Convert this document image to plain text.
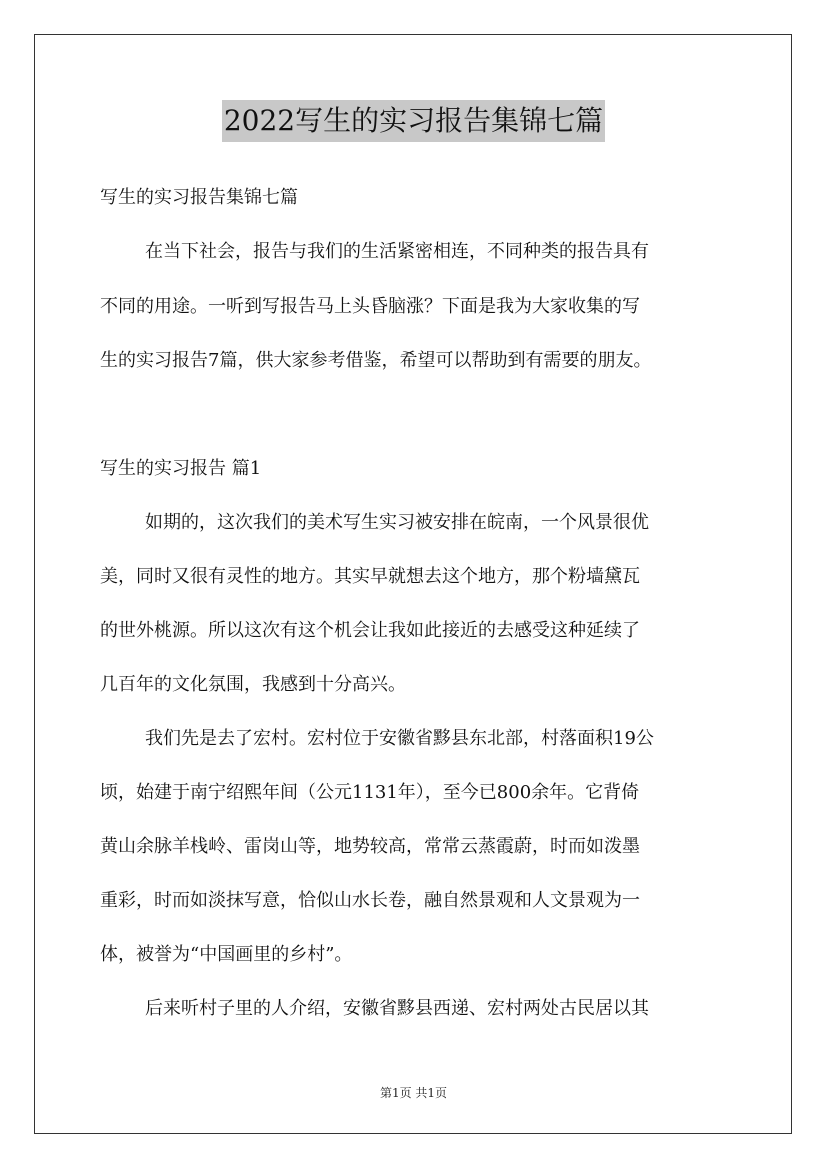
2022写生的实习报告集锦七篇
写生的实习报告集锦七篇
在当下社会，报告与我们的生活紧密相连，不同种类的报告具有
不同的用途。一听到写报告马上头昏脑涨？下面是我为大家收集的写
生的实习报告7篇，供大家参考借鉴，希望可以帮助到有需要的朋友。
写生的实习报告 篇1
如期的，这次我们的美术写生实习被安排在皖南，一个风景很优
美，同时又很有灵性的地方。其实早就想去这个地方，那个粉墙黛瓦
的世外桃源。所以这次有这个机会让我如此接近的去感受这种延续了
几百年的文化氛围，我感到十分高兴。
我们先是去了宏村。宏村位于安徽省黟县东北部，村落面积19公
顷，始建于南宁绍熙年间（公元1131年），至今已800余年。它背倚
黄山余脉羊栈岭、雷岗山等，地势较高，常常云蒸霞蔚，时而如泼墨
重彩，时而如淡抹写意，恰似山水长卷，融自然景观和人文景观为一
体，被誉为“中国画里的乡村”。
后来听村子里的人介绍，安徽省黟县西递、宏村两处古民居以其
第1页 共1页
